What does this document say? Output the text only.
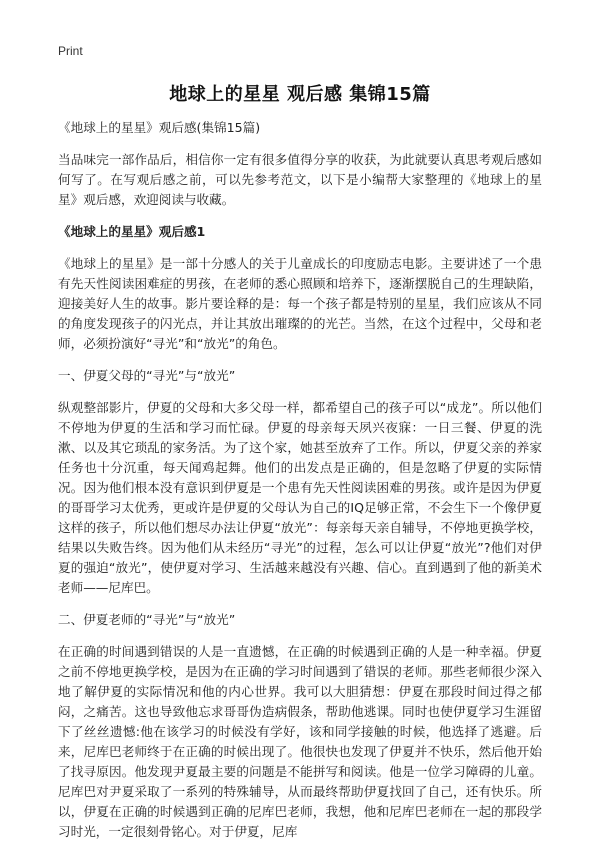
Print
地球上的星星 观后感 集锦15篇

《地球上的星星》观后感(集锦15篇)

当品味完一部作品后，相信你一定有很多值得分享的收获，为此就要认真思考观后感如何写了。在写观后感之前，可以先参考范文，以下是小编帮大家整理的《地球上的星星》观后感，欢迎阅读与收藏。

《地球上的星星》观后感1

《地球上的星星》是一部十分感人的关于儿童成长的印度励志电影。主要讲述了一个患有先天性阅读困难症的男孩，在老师的悉心照顾和培养下，逐渐摆脱自己的生理缺陷，迎接美好人生的故事。影片要诠释的是：每一个孩子都是特别的星星，我们应该从不同的角度发现孩子的闪光点，并让其放出璀璨的的光芒。当然，在这个过程中，父母和老师，必须扮演好“寻光”和“放光”的角色。

一、伊夏父母的“寻光”与“放光”

纵观整部影片，伊夏的父母和大多父母一样，都希望自己的孩子可以“成龙”。所以他们不停地为伊夏的生活和学习而忙碌。伊夏的母亲每天夙兴夜寐：一日三餐、伊夏的洗漱、以及其它琐乱的家务活。为了这个家，她甚至放弃了工作。所以，伊夏父亲的养家任务也十分沉重，每天闻鸡起舞。他们的出发点是正确的，但是忽略了伊夏的实际情况。因为他们根本没有意识到伊夏是一个患有先天性阅读困难的男孩。或许是因为伊夏的哥哥学习太优秀，更或许是伊夏的父母认为自己的IQ足够正常，不会生下一个像伊夏这样的孩子，所以他们想尽办法让伊夏“放光”：每亲每天亲自辅导，不停地更换学校，结果以失败告终。因为他们从未经历“寻光”的过程，怎么可以让伊夏“放光”?他们对伊夏的强迫“放光”，使伊夏对学习、生活越来越没有兴趣、信心。直到遇到了他的新美术老师——尼库巴。

二、伊夏老师的“寻光”与“放光”

在正确的时间遇到错误的人是一直遗憾，在正确的时候遇到正确的人是一种幸福。伊夏之前不停地更换学校，是因为在正确的学习时间遇到了错误的老师。那些老师很少深入地了解伊夏的实际情况和他的内心世界。我可以大胆猜想：伊夏在那段时间过得之郁闷，之痛苦。这也导致他忘求哥哥伪造病假条，帮助他逃课。同时也使伊夏学习生涯留下了丝丝遗憾:他在该学习的时候没有学好，该和同学接触的时候，他选择了逃避。后来，尼库巴老师终于在正确的时候出现了。他很快也发现了伊夏并不快乐，然后他开始了找寻原因。他发现尹夏最主要的问题是不能拼写和阅读。他是一位学习障碍的儿童。尼库巴对尹夏采取了一系列的特殊辅导，从而最终帮助伊夏找回了自己，还有快乐。所以，伊夏在正确的时候遇到正确的尼库巴老师，我想，他和尼库巴老师在一起的那段学习时光，一定很刻骨铭心。对于伊夏，尼库
